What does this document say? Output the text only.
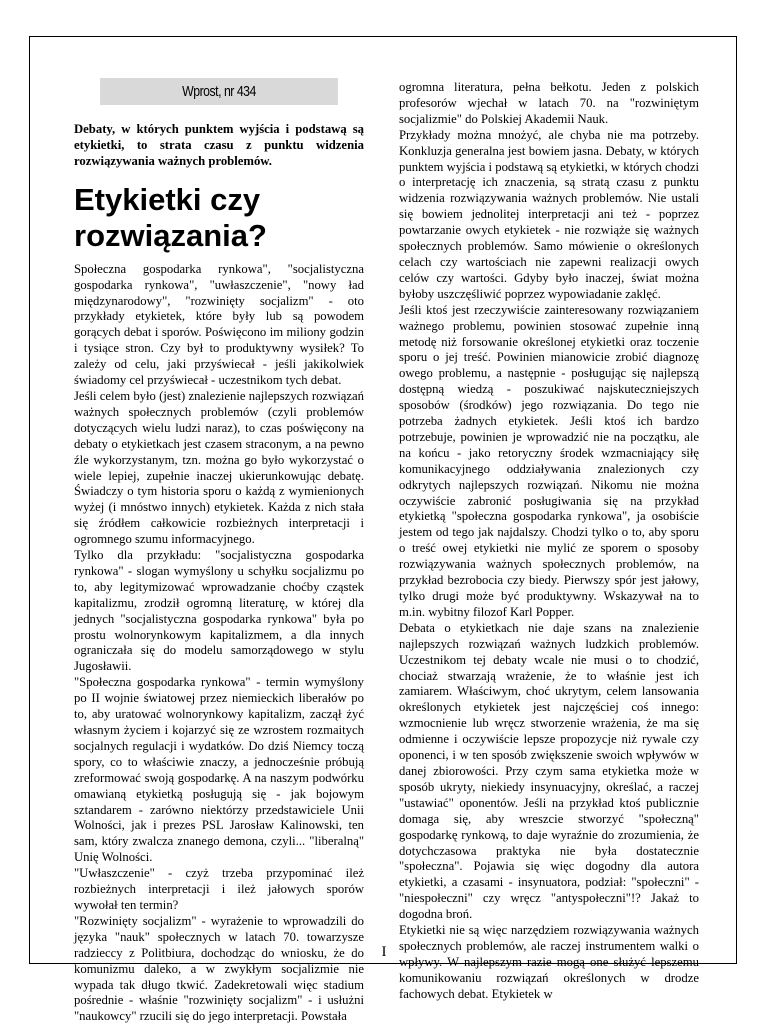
Wprost, nr 434
Debaty, w których punktem wyjścia i podstawą są etykietki, to strata czasu z punktu widzenia rozwiązywania ważnych problemów.
Etykietki czy rozwiązania?

Społeczna gospodarka rynkowa", "socjalistyczna gospodarka rynkowa", "uwłaszczenie", "nowy ład międzynarodowy", "rozwinięty socjalizm" - oto przykłady etykietek, które były lub są powodem gorących debat i sporów. Poświęcono im miliony godzin i tysiące stron. Czy był to produktywny wysiłek? To zależy od celu, jaki przyświecał - jeśli jakikolwiek świadomy cel przyświecał - uczestnikom tych debat.

Jeśli celem było (jest) znalezienie najlepszych rozwiązań ważnych społecznych problemów (czyli problemów dotyczących wielu ludzi naraz), to czas poświęcony na debaty o etykietkach jest czasem straconym, a na pewno źle wykorzystanym, tzn. można go było wykorzystać o wiele lepiej, zupełnie inaczej ukierunkowując debatę. Świadczy o tym historia sporu o każdą z wymienionych wyżej (i mnóstwo innych) etykietek. Każda z nich stała się źródłem całkowicie rozbieżnych interpretacji i ogromnego szumu informacyjnego.

Tylko dla przykładu: "socjalistyczna gospodarka rynkowa" - slogan wymyślony u schyłku socjalizmu po to, aby legitymizować wprowadzanie choćby cząstek kapitalizmu, zrodził ogromną literaturę, w której dla jednych "socjalistyczna gospodarka rynkowa" była po prostu wolnorynkowym kapitalizmem, a dla innych ograniczała się do modelu samorządowego w stylu Jugosławii.

"Społeczna gospodarka rynkowa" - termin wymyślony po II wojnie światowej przez niemieckich liberałów po to, aby uratować wolnorynkowy kapitalizm, zaczął żyć własnym życiem i kojarzyć się ze wzrostem rozmaitych socjalnych regulacji i wydatków. Do dziś Niemcy toczą spory, co to właściwie znaczy, a jednocześnie próbują zreformować swoją gospodarkę. A na naszym podwórku omawianą etykietką posługują się - jak bojowym sztandarem - zarówno niektórzy przedstawiciele Unii Wolności, jak i prezes PSL Jarosław Kalinowski, ten sam, który zwalcza znanego demona, czyli... "liberalną" Unię Wolności.

"Uwłaszczenie" - czyż trzeba przypominać ileż rozbieżnych interpretacji i ileż jałowych sporów wywołał ten termin?

"Rozwinięty socjalizm" - wyrażenie to wprowadzili do języka "nauk" społecznych w latach 70. towarzysze radzieccy z Politbiura, dochodząc do wniosku, że do komunizmu daleko, a w zwykłym socjalizmie nie wypada tak długo tkwić. Zadekretowali więc stadium pośrednie - właśnie "rozwinięty socjalizm" - i usłużni "naukowcy" rzucili się do jego interpretacji. Powstała

ogromna literatura, pełna bełkotu. Jeden z polskich profesorów wjechał w latach 70. na "rozwiniętym socjalizmie" do Polskiej Akademii Nauk.

Przykłady można mnożyć, ale chyba nie ma potrzeby. Konkluzja generalna jest bowiem jasna. Debaty, w których punktem wyjścia i podstawą są etykietki, w których chodzi o interpretację ich znaczenia, są stratą czasu z punktu widzenia rozwiązywania ważnych problemów. Nie ustali się bowiem jednolitej interpretacji ani też - poprzez powtarzanie owych etykietek - nie rozwiąże się ważnych społecznych problemów. Samo mówienie o określonych celach czy wartościach nie zapewni realizacji owych celów czy wartości. Gdyby było inaczej, świat można byłoby uszczęśliwić poprzez wypowiadanie zaklęć.

Jeśli ktoś jest rzeczywiście zainteresowany rozwiązaniem ważnego problemu, powinien stosować zupełnie inną metodę niż forsowanie określonej etykietki oraz toczenie sporu o jej treść. Powinien mianowicie zrobić diagnozę owego problemu, a następnie - posługując się najlepszą dostępną wiedzą - poszukiwać najskuteczniejszych sposobów (środków) jego rozwiązania. Do tego nie potrzeba żadnych etykietek. Jeśli ktoś ich bardzo potrzebuje, powinien je wprowadzić nie na początku, ale na końcu - jako retoryczny środek wzmacniający siłę komunikacyjnego oddziaływania znalezionych czy odkrytych najlepszych rozwiązań. Nikomu nie można oczywiście zabronić posługiwania się na przykład etykietką "społeczna gospodarka rynkowa", ja osobiście jestem od tego jak najdalszy. Chodzi tylko o to, aby sporu o treść owej etykietki nie mylić ze sporem o sposoby rozwiązywania ważnych społecznych problemów, na przykład bezrobocia czy biedy. Pierwszy spór jest jałowy, tylko drugi może być produktywny. Wskazywał na to m.in. wybitny filozof Karl Popper.

Debata o etykietkach nie daje szans na znalezienie najlepszych rozwiązań ważnych ludzkich problemów. Uczestnikom tej debaty wcale nie musi o to chodzić, chociaż stwarzają wrażenie, że to właśnie jest ich zamiarem. Właściwym, choć ukrytym, celem lansowania określonych etykietek jest najczęściej coś innego: wzmocnienie lub wręcz stworzenie wrażenia, że ma się odmienne i oczywiście lepsze propozycje niż rywale czy oponenci, i w ten sposób zwiększenie swoich wpływów w danej zbiorowości. Przy czym sama etykietka może w sposób ukryty, niekiedy insynuacyjny, określać, a raczej "ustawiać" oponentów. Jeśli na przykład ktoś publicznie domaga się, aby wreszcie stworzyć "społeczną" gospodarkę rynkową, to daje wyraźnie do zrozumienia, że dotychczasowa praktyka nie była dostatecznie "społeczna". Pojawia się więc dogodny dla autora etykietki, a czasami - insynuatora, podział: "społeczni" - "niespołeczni" czy wręcz "antyspołeczni"!? Jakaż to dogodna broń.

Etykietki nie są więc narzędziem rozwiązywania ważnych społecznych problemów, ale raczej instrumentem walki o wpływy. W najlepszym razie mogą one służyć lepszemu komunikowaniu rozwiązań określonych w drodze fachowych debat. Etykietek w

I
